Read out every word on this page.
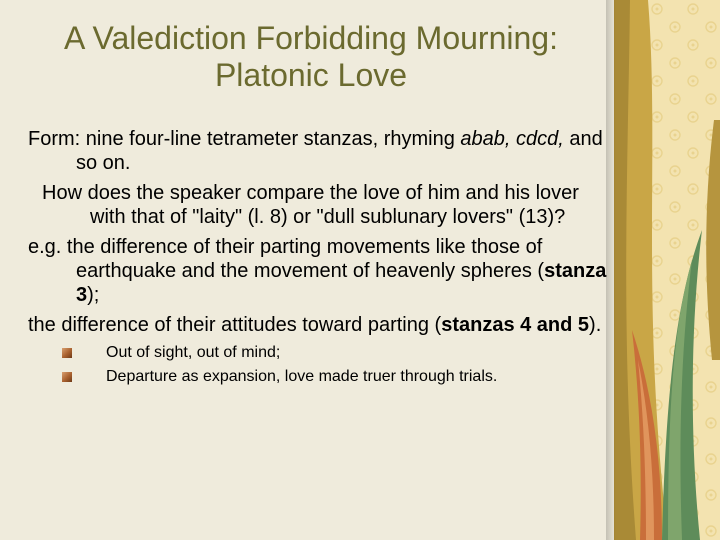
A Valediction Forbidding Mourning:
Platonic Love

Form: nine four-line tetrameter stanzas, rhyming abab, cdcd, and so on.

How does the speaker compare the love of him and his lover with that of "laity" (l. 8) or "dull sublunary lovers" (13)?

e.g. the difference of their parting movements like those of earthquake and the movement of heavenly spheres (stanza 3);

the difference of their attitudes toward parting (stanzas 4 and 5).

Out of sight, out of mind;
Departure as expansion, love made truer through trials.
